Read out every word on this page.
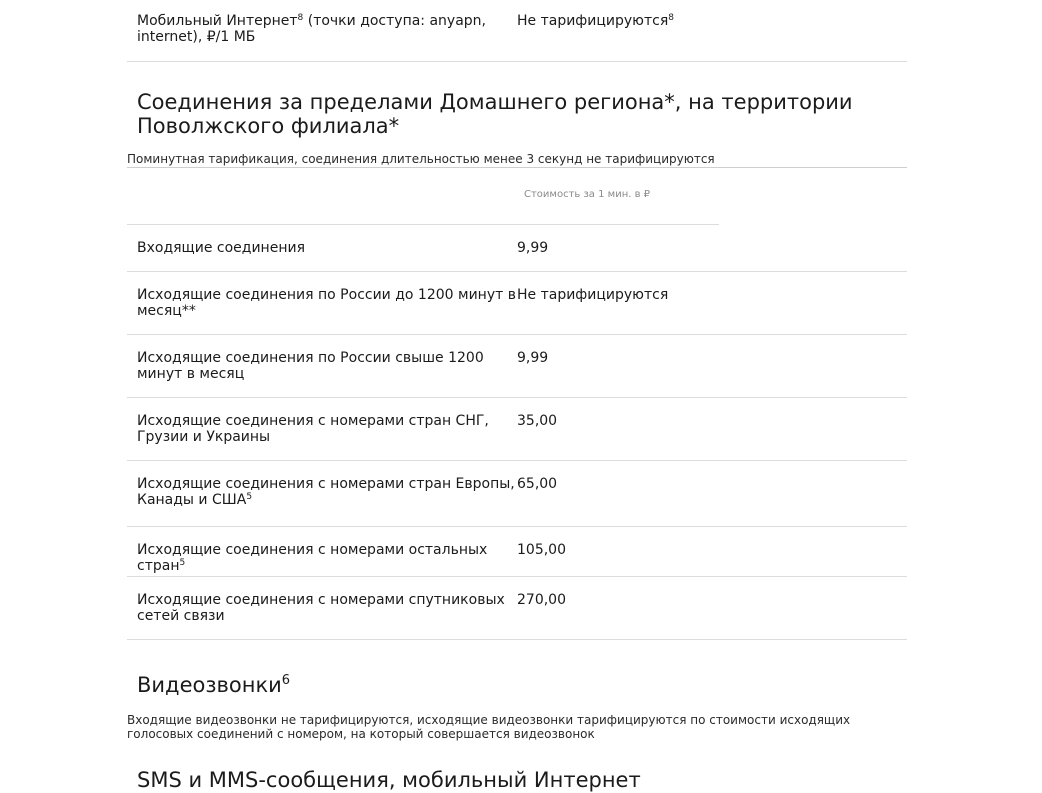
Мобильный Интернет$^8$ (точки доступа: anyapn, internet), ₽/1 МБ
Не тарифицируются$^8$
Соединения за пределами Домашнего региона*, на территории
Поволжского филиала*
Поминутная тарификация, соединения длительностью менее 3 секунд не тарифицируются
Стоимость за 1 мин. в ₽
Входящие соединения	9,99
Исходящие соединения по России до 1200 минут в месяц**
Не тарифицируются
Исходящие соединения по России свыше 1200 минут в месяц
9,99
Исходящие соединения с номерами стран СНГ, Грузии и Украины
35,00
Исходящие соединения с номерами стран Европы, Канады и США$^5$
65,00
Исходящие соединения с номерами остальных стран$^5$
105,00
Исходящие соединения с номерами спутниковых сетей связи
270,00
Видеозвонки$^6$
Входящие видеозвонки не тарифицируются, исходящие видеозвонки тарифицируются по стоимости исходящих голосовых соединений с номером, на который совершается видеозвонок
SMS и MMS-сообщения, мобильный Интернет
